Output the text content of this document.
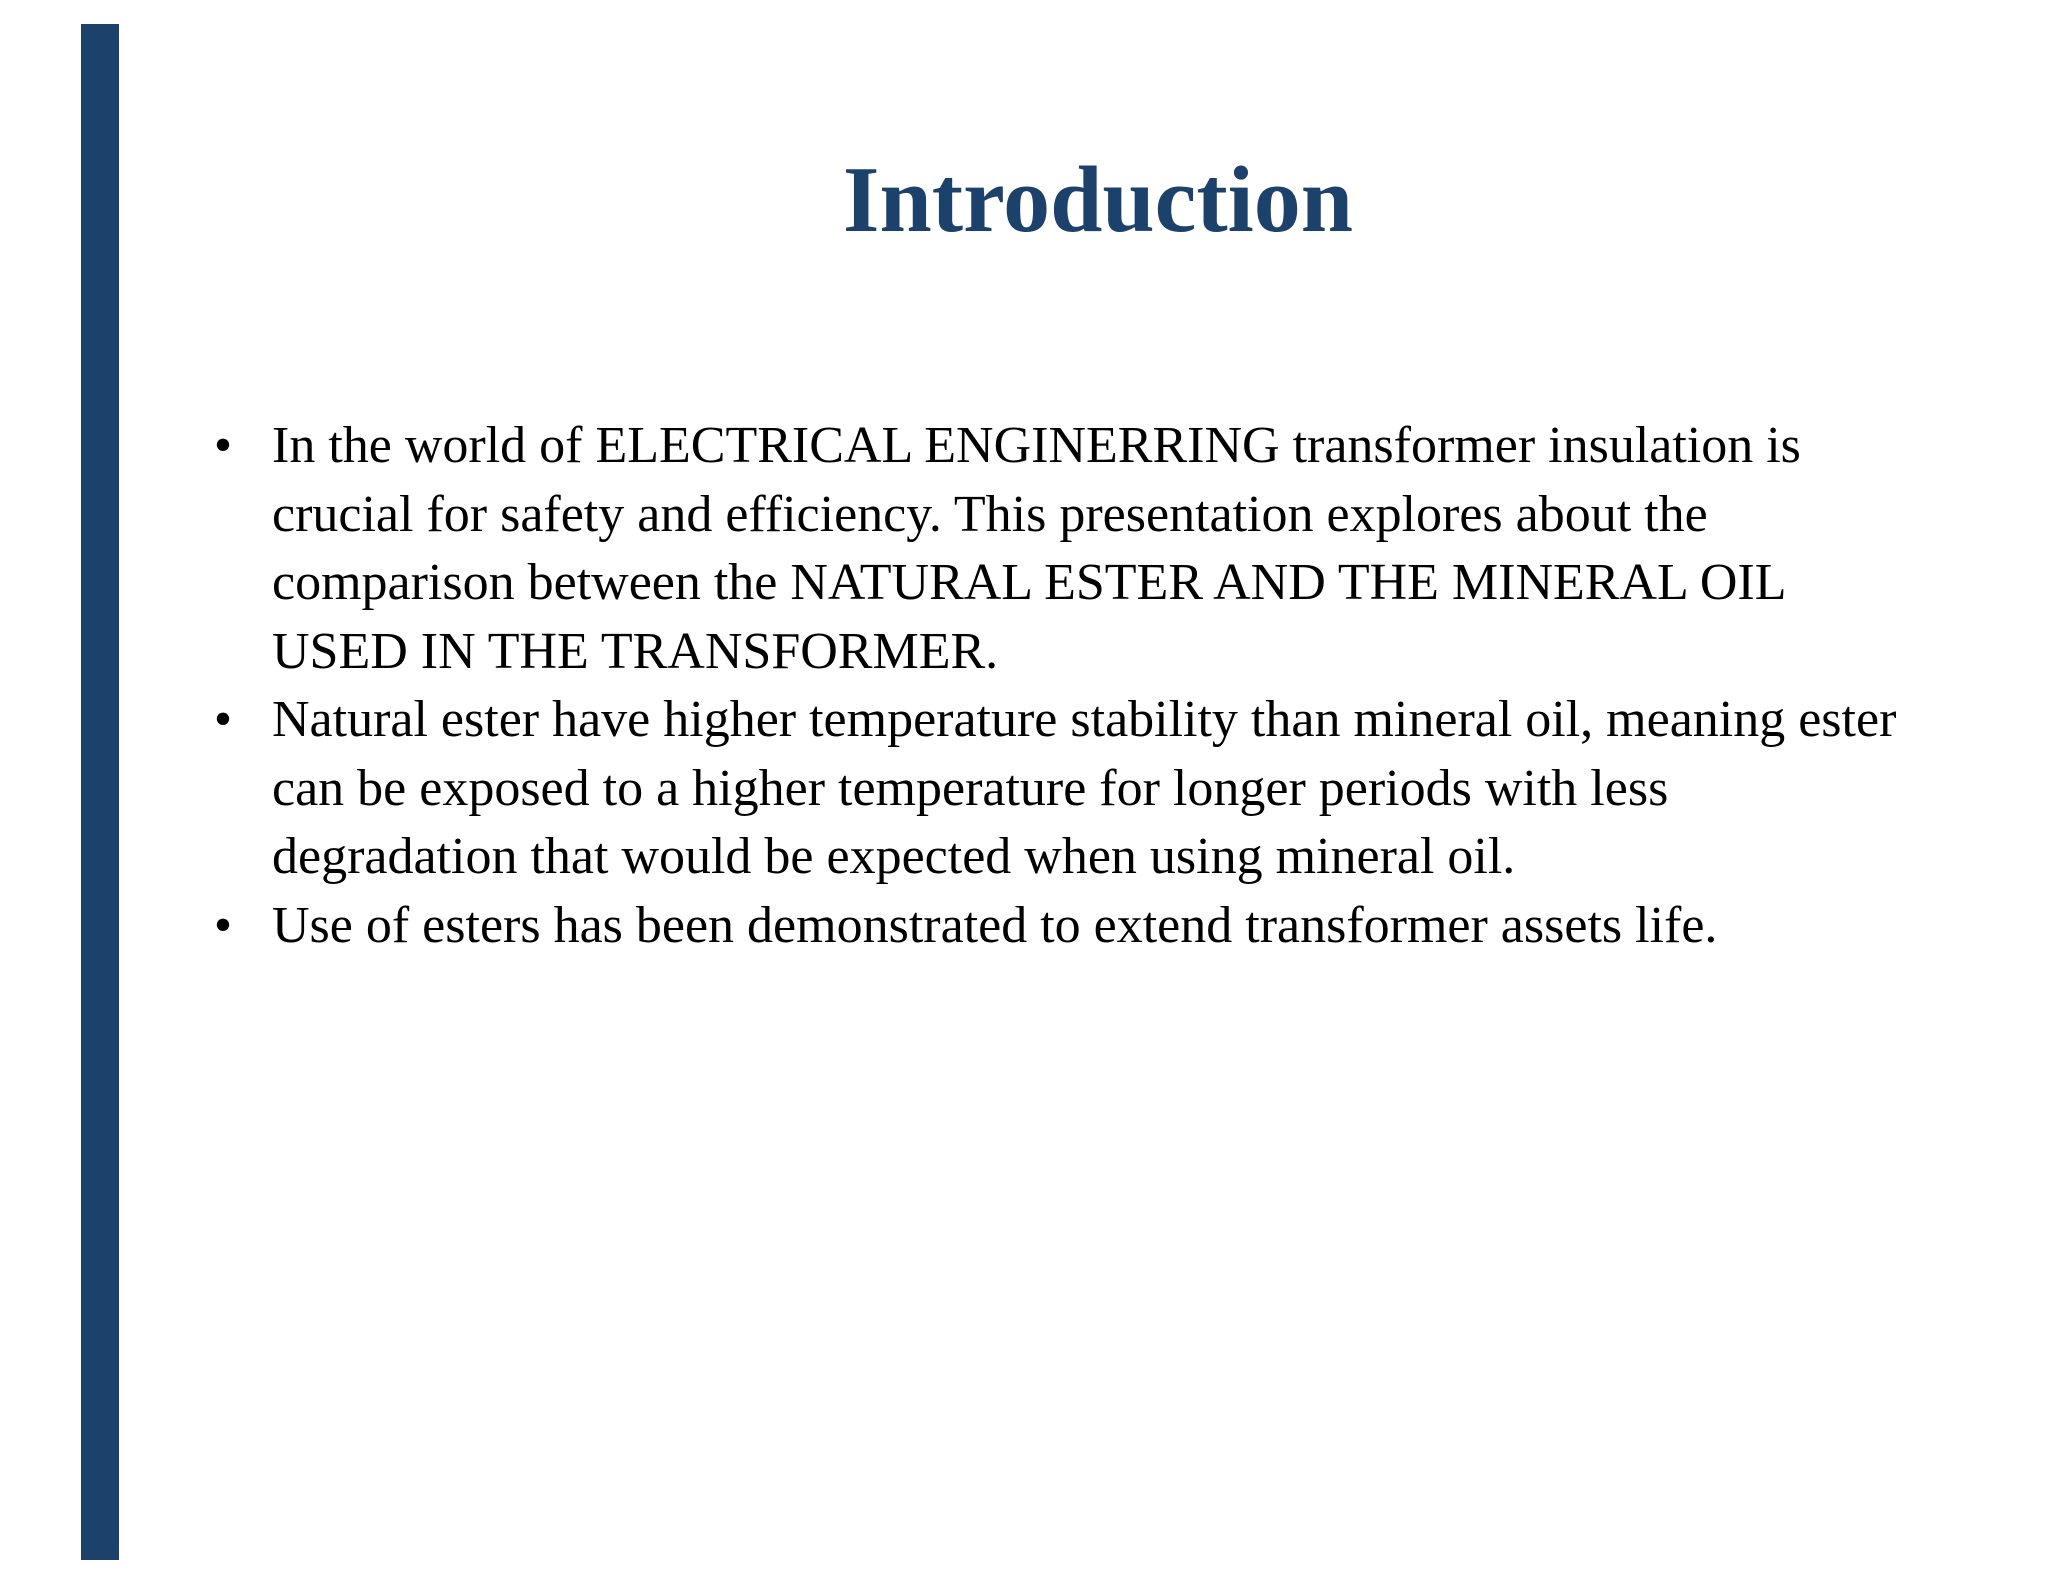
Introduction
• In the world of ELECTRICAL ENGINERRING transformer insulation is crucial for safety and efficiency. This presentation explores about the comparison between the NATURAL ESTER AND THE MINERAL OIL USED IN THE TRANSFORMER.
• Natural ester have higher temperature stability than mineral oil, meaning ester can be exposed to a higher temperature for longer periods with less degradation that would be expected when using mineral oil.
• Use of esters has been demonstrated to extend transformer assets life.
